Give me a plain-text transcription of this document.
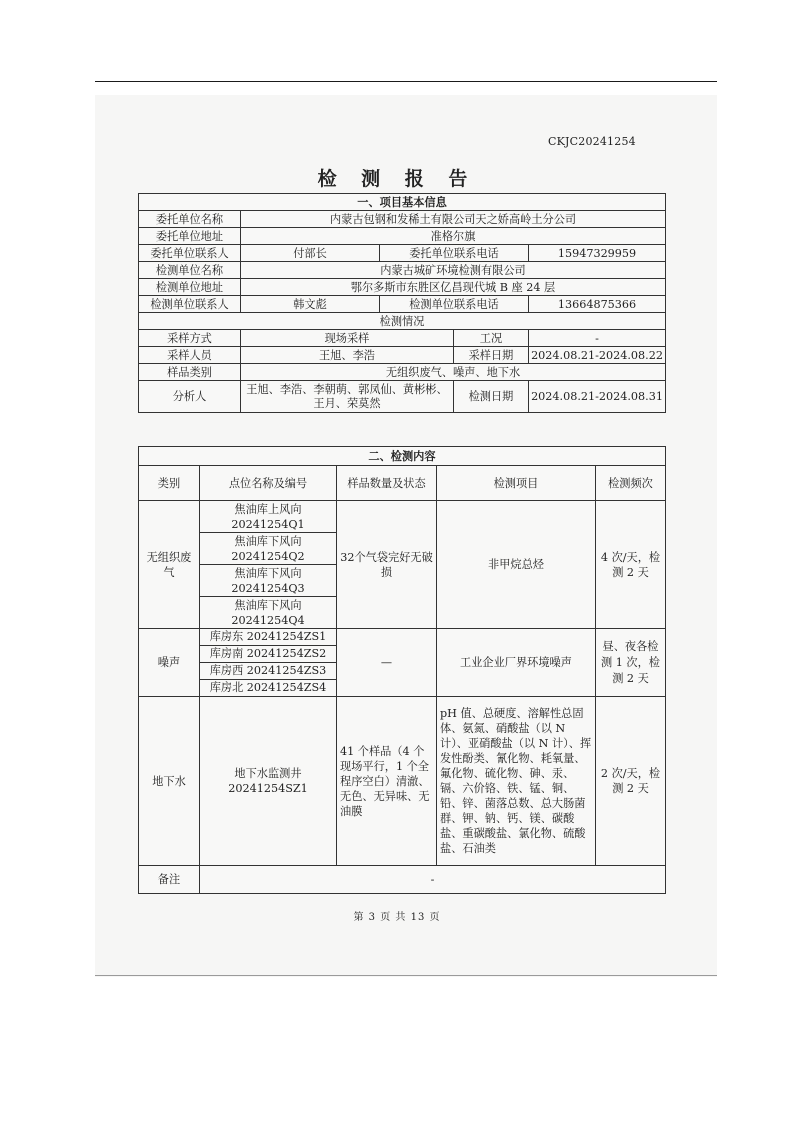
CKJC20241254
检 测 报 告
一、项目基本信息				
委托单位名称	内蒙古包钢和发稀土有限公司天之娇高岭土分公司			
委托单位地址	准格尔旗			
委托单位联系人	付部长	委托单位联系电话		15947329959
检测单位名称	内蒙古城矿环境检测有限公司			
检测单位地址	鄂尔多斯市东胜区亿昌现代城 B 座 24 层			
检测单位联系人	韩文彪	检测单位联系电话		13664875366
检测情况				
采样方式	现场采样		工况	-
采样人员	王旭、李浩		采样日期	2024.08.21-2024.08.22
样品类别	无组织废气、噪声、地下水			
分析人	王旭、李浩、李朝萌、郭凤仙、黄彬彬、王月、荣莫然		检测日期	2024.08.21-2024.08.31
二、检测内容				
类别	点位名称及编号	样品数量及状态	检测项目	检测频次
无组织废气	焦油库上风向 20241254Q1	32个气袋完好无破损	非甲烷总烃	4 次/天，检测 2 天
	焦油库下风向 20241254Q2			
	焦油库下风向 20241254Q3			
	焦油库下风向 20241254Q4			
噪声	库房东 20241254ZS1	—	工业企业厂界环境噪声	昼、夜各检测 1 次，检测 2 天
	库房南 20241254ZS2			
	库房西 20241254ZS3			
	库房北 20241254ZS4			
地下水	地下水监测井 20241254SZ1	41 个样品（4 个现场平行，1 个全程序空白）清澈、无色、无异味、无油膜	pH 值、总硬度、溶解性总固体、氨氮、硝酸盐（以 N 计）、亚硝酸盐（以 N 计）、挥发性酚类、氰化物、耗氧量、氟化物、硫化物、砷、汞、镉、六价铬、铁、锰、铜、铅、锌、菌落总数、总大肠菌群、钾、钠、钙、镁、碳酸盐、重碳酸盐、氯化物、硫酸盐、石油类	2 次/天，检测 2 天
备注	-			
第 3 页 共 13 页
